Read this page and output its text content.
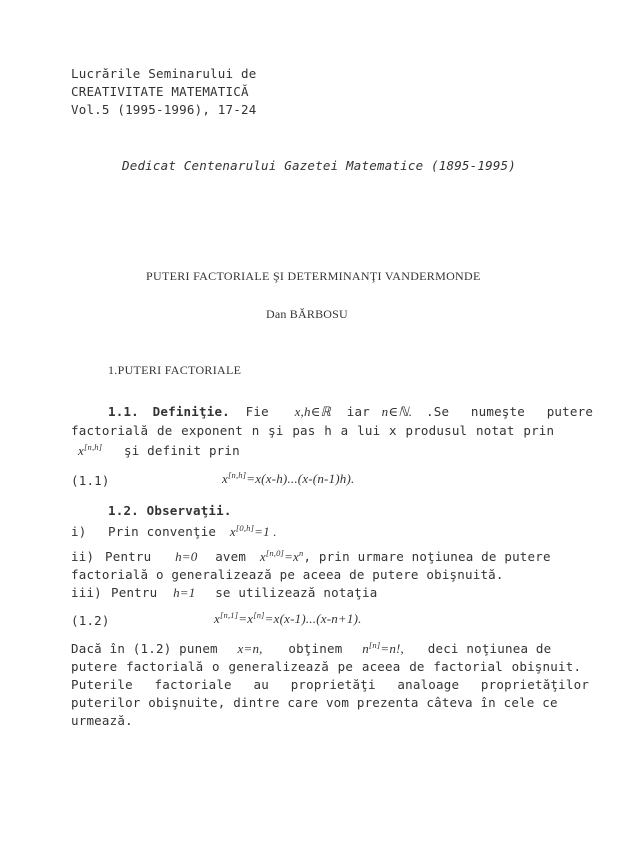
Lucrările Seminarului de
CREATIVITATE MATEMATICĂ
Vol.5 (1995-1996), 17-24
Dedicat Centenarului Gazetei Matematice (1895-1995)
PUTERI FACTORIALE ŞI DETERMINANŢI VANDERMONDE
Dan BĂRBOSU
1.PUTERI FACTORIALE
1.1. Definiţie. Fie x,h∈ℝ iar n∈ℕ. .Se numeşte putere
factorială de exponent n şi pas h a lui x produsul notat prin
x[n,h] şi definit prin
(1.1)	x[n,h]=x(x-h)...(x-(n-1)h).
1.2. Observaţii.
i) Prin convenţie x[0,h]=1 .
ii) Pentru h=0 avem $x[n,0]=x^n$, prin urmare noţiunea de putere
factorială o generalizează pe aceea de putere obişnuită.
iii) Pentru h=1 se utilizează notaţia
(1.2)	x[n,1]=x[n]=x(x-1)...(x-n+1).
Dacă în (1.2) punem x=n, obţinem n[n]=n!, deci noţiunea de
putere factorială o generalizează pe aceea de factorial obişnuit.
Puterile factoriale au proprietăţi analoage proprietăţilor
puterilor obişnuite, dintre care vom prezenta câteva în cele ce
urmează.
